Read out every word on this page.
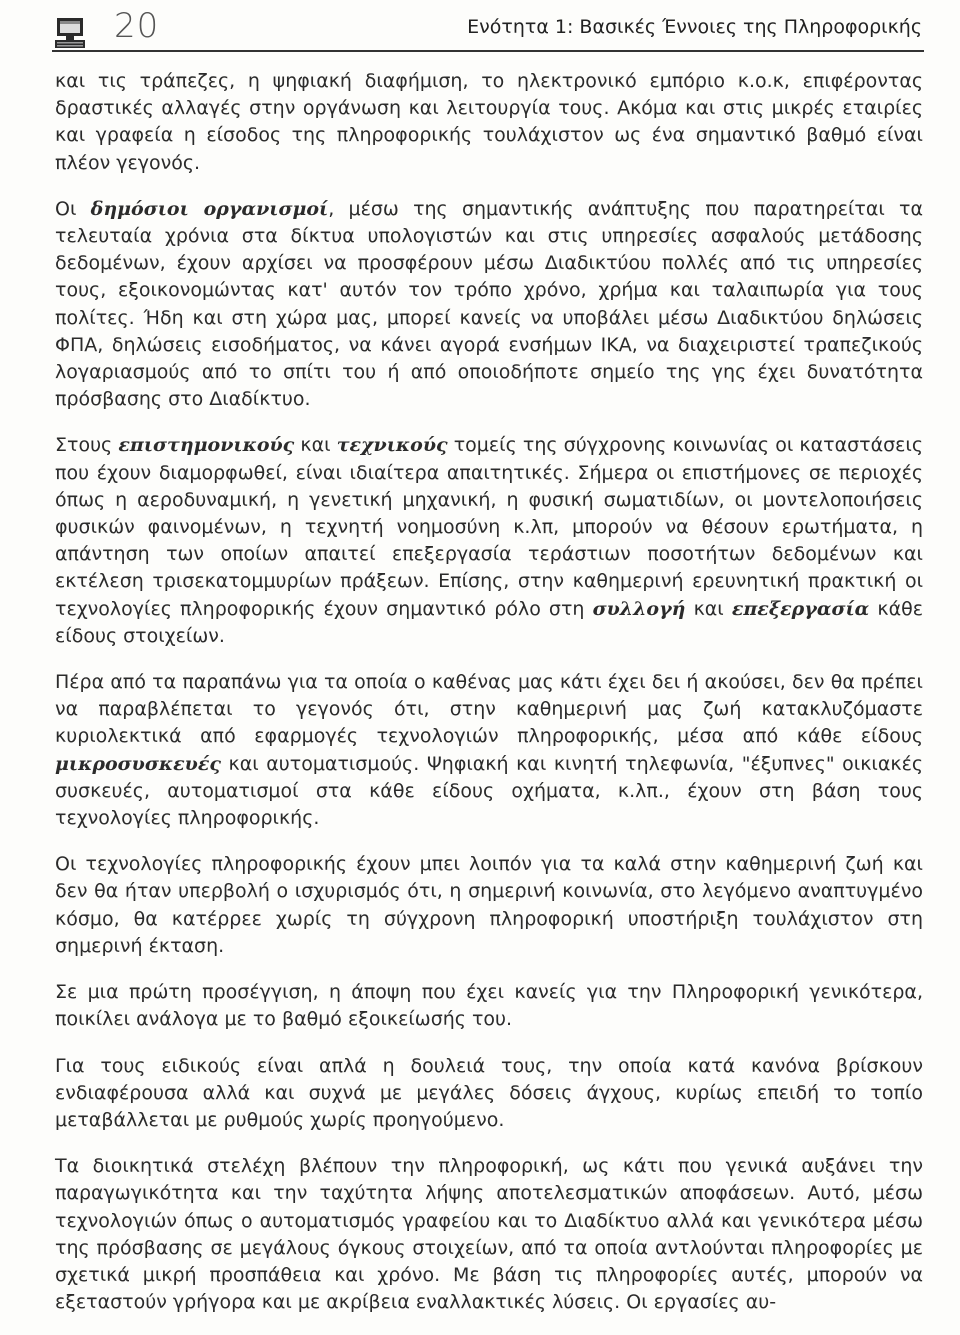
20	Ενότητα 1: Βασικές Έννοιες της Πληροφορικής

και τις τράπεζες, η ψηφιακή διαφήμιση, το ηλεκτρονικό εμπόριο κ.ο.κ, επιφέροντας δραστικές αλλαγές στην οργάνωση και λειτουργία τους. Ακόμα και στις μικρές εταιρίες και γραφεία η είσοδος της πληροφορικής τουλάχιστον ως ένα σημαντικό βαθμό είναι πλέον γεγονός.

Οι δημόσιοι οργανισμοί, μέσω της σημαντικής ανάπτυξης που παρατηρείται τα τελευταία χρόνια στα δίκτυα υπολογιστών και στις υπηρεσίες ασφαλούς μετάδοσης δεδομένων, έχουν αρχίσει να προσφέρουν μέσω Διαδικτύου πολλές από τις υπηρεσίες τους, εξοικονομώντας κατ' αυτόν τον τρόπο χρόνο, χρήμα και ταλαιπωρία για τους πολίτες. Ήδη και στη χώρα μας, μπορεί κανείς να υποβάλει μέσω Διαδικτύου δηλώσεις ΦΠΑ, δηλώσεις εισοδήματος, να κάνει αγορά ενσήμων ΙΚΑ, να διαχειριστεί τραπεζικούς λογαριασμούς από το σπίτι του ή από οποιοδήποτε σημείο της γης έχει δυνατότητα πρόσβασης στο Διαδίκτυο.

Στους επιστημονικούς και τεχνικούς τομείς της σύγχρονης κοινωνίας οι καταστάσεις που έχουν διαμορφωθεί, είναι ιδιαίτερα απαιτητικές. Σήμερα οι επιστήμονες σε περιοχές όπως η αεροδυναμική, η γενετική μηχανική, η φυσική σωματιδίων, οι μοντελοποιήσεις φυσικών φαινομένων, η τεχνητή νοημοσύνη κ.λπ, μπορούν να θέσουν ερωτήματα, η απάντηση των οποίων απαιτεί επεξεργασία τεράστιων ποσοτήτων δεδομένων και εκτέλεση τρισεκατομμυρίων πράξεων. Επίσης, στην καθημερινή ερευνητική πρακτική οι τεχνολογίες πληροφορικής έχουν σημαντικό ρόλο στη συλλογή και επεξεργασία κάθε είδους στοιχείων.

Πέρα από τα παραπάνω για τα οποία ο καθένας μας κάτι έχει δει ή ακούσει, δεν θα πρέπει να παραβλέπεται το γεγονός ότι, στην καθημερινή μας ζωή κατακλυζόμαστε κυριολεκτικά από εφαρμογές τεχνολογιών πληροφορικής, μέσα από κάθε είδους μικροσυσκευές και αυτοματισμούς. Ψηφιακή και κινητή τηλεφωνία, "έξυπνες" οικιακές συσκευές, αυτοματισμοί στα κάθε είδους οχήματα, κ.λπ., έχουν στη βάση τους τεχνολογίες πληροφορικής.

Οι τεχνολογίες πληροφορικής έχουν μπει λοιπόν για τα καλά στην καθημερινή ζωή και δεν θα ήταν υπερβολή ο ισχυρισμός ότι, η σημερινή κοινωνία, στο λεγόμενο αναπτυγμένο κόσμο, θα κατέρρεε χωρίς τη σύγχρονη πληροφορική υποστήριξη τουλάχιστον στη σημερινή έκταση.

Σε μια πρώτη προσέγγιση, η άποψη που έχει κανείς για την Πληροφορική γενικότερα, ποικίλει ανάλογα με το βαθμό εξοικείωσής του.

Για τους ειδικούς είναι απλά η δουλειά τους, την οποία κατά κανόνα βρίσκουν ενδιαφέρουσα αλλά και συχνά με μεγάλες δόσεις άγχους, κυρίως επειδή το τοπίο μεταβάλλεται με ρυθμούς χωρίς προηγούμενο.

Τα διοικητικά στελέχη βλέπουν την πληροφορική, ως κάτι που γενικά αυξάνει την παραγωγικότητα και την ταχύτητα λήψης αποτελεσματικών αποφάσεων. Αυτό, μέσω τεχνολογιών όπως ο αυτοματισμός γραφείου και το Διαδίκτυο αλλά και γενικότερα μέσω της πρόσβασης σε μεγάλους όγκους στοιχείων, από τα οποία αντλούνται πληροφορίες με σχετικά μικρή προσπάθεια και χρόνο. Με βάση τις πληροφορίες αυτές, μπορούν να εξεταστούν γρήγορα και με ακρίβεια εναλλακτικές λύσεις. Οι εργασίες αυ-
